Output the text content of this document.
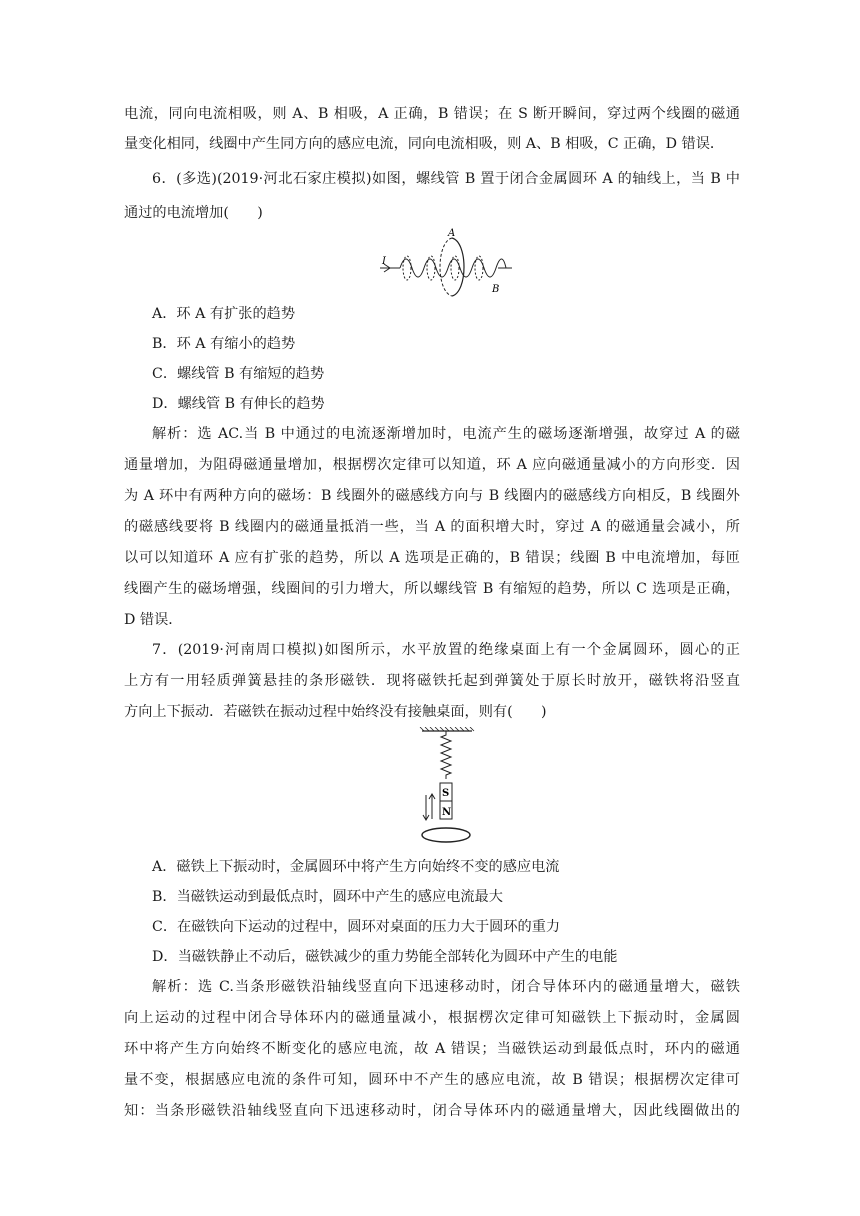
电流，同向电流相吸，则 A、B 相吸，A 正确，B 错误；在 S 断开瞬间，穿过两个线圈的磁通
量变化相同，线圈中产生同方向的感应电流，同向电流相吸，则 A、B 相吸，C 正确，D 错误．
6．(多选)(2019·河北石家庄模拟)如图，螺线管 B 置于闭合金属圆环 A 的轴线上，当 B 中
通过的电流增加(　　)
I
A
B
A．环 A 有扩张的趋势
B．环 A 有缩小的趋势
C．螺线管 B 有缩短的趋势
D．螺线管 B 有伸长的趋势
解析：选 AC.当 B 中通过的电流逐渐增加时，电流产生的磁场逐渐增强，故穿过 A 的磁
通量增加，为阻碍磁通量增加，根据楞次定律可以知道，环 A 应向磁通量减小的方向形变．因
为 A 环中有两种方向的磁场：B 线圈外的磁感线方向与 B 线圈内的磁感线方向相反，B 线圈外
的磁感线要将 B 线圈内的磁通量抵消一些，当 A 的面积增大时，穿过 A 的磁通量会减小，所
以可以知道环 A 应有扩张的趋势，所以 A 选项是正确的，B 错误；线圈 B 中电流增加，每匝
线圈产生的磁场增强，线圈间的引力增大，所以螺线管 B 有缩短的趋势，所以 C 选项是正确，
D 错误．
7．(2019·河南周口模拟)如图所示，水平放置的绝缘桌面上有一个金属圆环，圆心的正
上方有一用轻质弹簧悬挂的条形磁铁．现将磁铁托起到弹簧处于原长时放开，磁铁将沿竖直
方向上下振动．若磁铁在振动过程中始终没有接触桌面，则有(　　)
S
N
A．磁铁上下振动时，金属圆环中将产生方向始终不变的感应电流
B．当磁铁运动到最低点时，圆环中产生的感应电流最大
C．在磁铁向下运动的过程中，圆环对桌面的压力大于圆环的重力
D．当磁铁静止不动后，磁铁减少的重力势能全部转化为圆环中产生的电能
解析：选 C.当条形磁铁沿轴线竖直向下迅速移动时，闭合导体环内的磁通量增大，磁铁
向上运动的过程中闭合导体环内的磁通量减小，根据楞次定律可知磁铁上下振动时，金属圆
环中将产生方向始终不断变化的感应电流，故 A 错误；当磁铁运动到最低点时，环内的磁通
量不变，根据感应电流的条件可知，圆环中不产生的感应电流，故 B 错误；根据楞次定律可
知：当条形磁铁沿轴线竖直向下迅速移动时，闭合导体环内的磁通量增大，因此线圈做出的
